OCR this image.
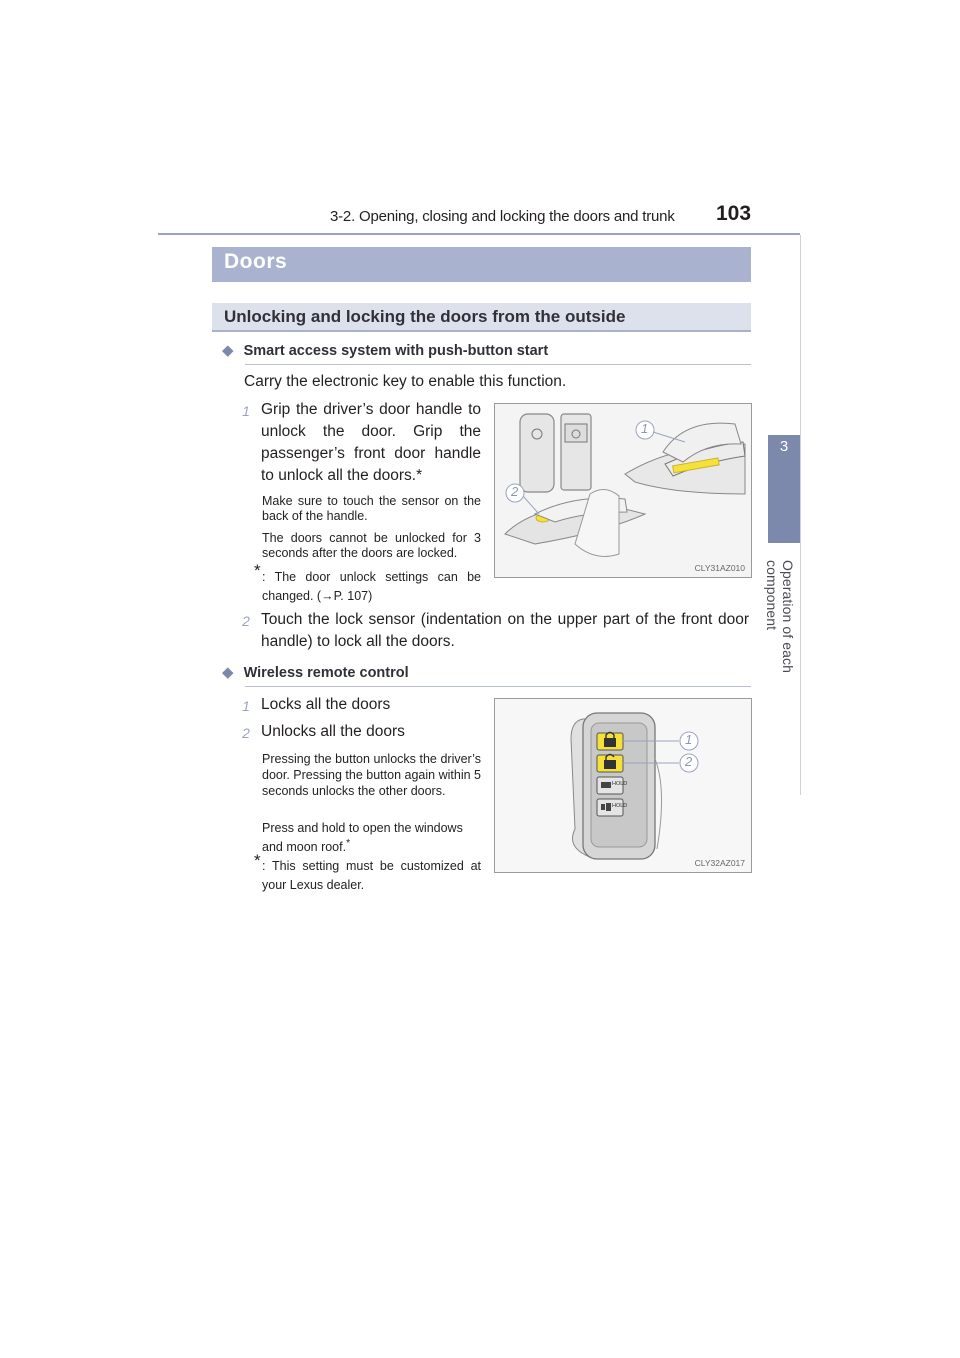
3-2. Opening, closing and locking the doors and trunk 103
3
Operation of each component
Doors
Unlocking and locking the doors from the outside
◆ Smart access system with push-button start
Carry the electronic key to enable this function.
1 Grip the driver’s door handle to unlock the door. Grip the passenger’s front door handle to unlock all the doors.*
Make sure to touch the sensor on the back of the handle.
The doors cannot be unlocked for 3 seconds after the doors are locked.
* : The door unlock settings can be changed. (→P. 107)
1
2
CLY31AZ010
2 Touch the lock sensor (indentation on the upper part of the front door handle) to lock all the doors.
◆ Wireless remote control
1 Locks all the doors
2 Unlocks all the doors
Pressing the button unlocks the driver’s door. Pressing the button again within 5 seconds unlocks the other doors.
Press and hold to open the windows and moon roof.*
* : This setting must be customized at your Lexus dealer.
1
2
HOLD
HOLD
CLY32AZ017
